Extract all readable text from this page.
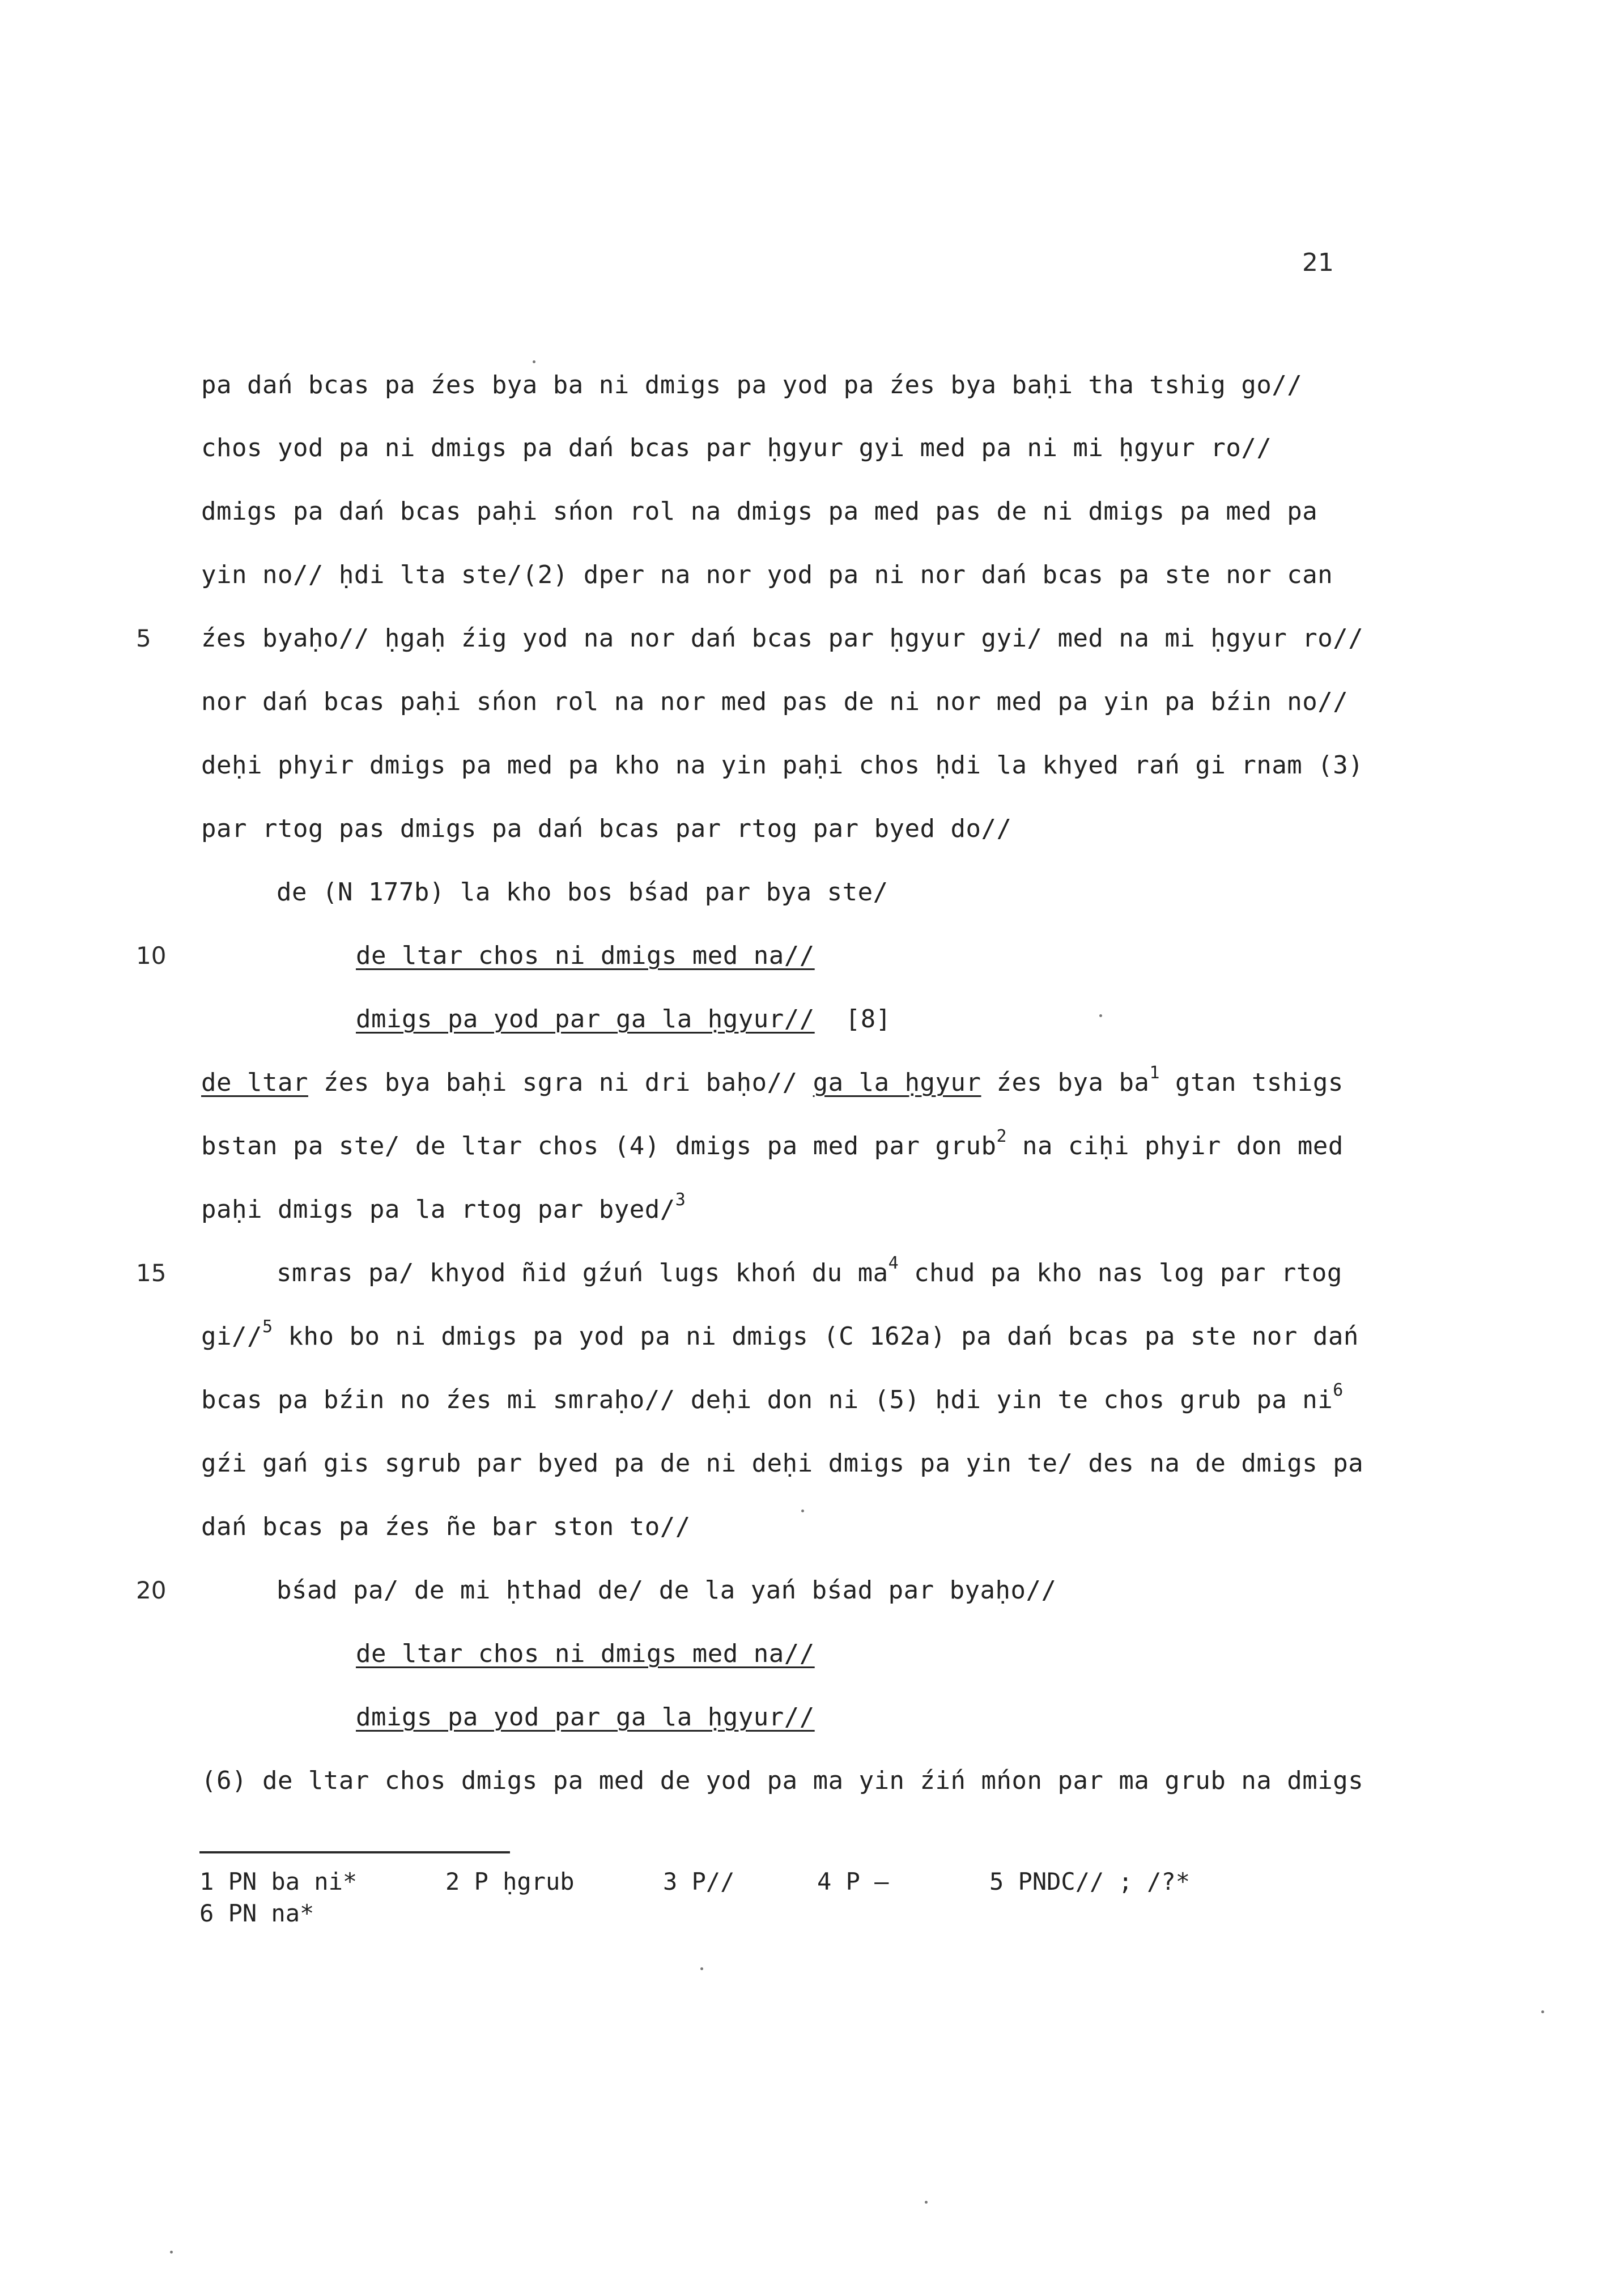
21
pa dań bcas pa źes bya ba ni dmigs pa yod pa źes bya baḥi tha tshig go//
chos yod pa ni dmigs pa dań bcas par ḥgyur gyi med pa ni mi ḥgyur ro//
dmigs pa dań bcas paḥi sńon rol na dmigs pa med pas de ni dmigs pa med pa
yin no// ḥdi lta ste/(2) dper na nor yod pa ni nor dań bcas pa ste nor can
5 źes byaḥo// ḥgaḥ źig yod na nor dań bcas par ḥgyur gyi/ med na mi ḥgyur ro//
nor dań bcas paḥi sńon rol na nor med pas de ni nor med pa yin pa bźin no//
deḥi phyir dmigs pa med pa kho na yin paḥi chos ḥdi la khyed rań gi rnam (3)
par rtog pas dmigs pa dań bcas par rtog par byed do//
de (N 177b) la kho bos bśad par bya ste/
10	de ltar chos ni dmigs med na//
dmigs pa yod par ga la ḥgyur// [8]
de ltar źes bya baḥi sgra ni dri baḥo// ga la ḥgyur źes bya $ba^1$ gtan tshigs
bstan pa ste/ de ltar chos (4) dmigs pa med par grub$^2$ na ciḥi phyir don med
paḥi dmigs pa la rtog par byed/$^3$
15	smras pa/ khyod ñid gźuń lugs khoń du $ma^4$ chud pa kho nas log par rtog
gi//$^5$ kho bo ni dmigs pa yod pa ni dmigs (C 162a) pa dań bcas pa ste nor dań
bcas pa bźin no źes mi smraḥo// deḥi don ni (5) ḥdi yin te chos grub pa $ni^6$
gźi gań gis sgrub par byed pa de ni deḥi dmigs pa yin te/ des na de dmigs pa
dań bcas pa źes ñe bar ston to//
20	bśad pa/ de mi ḥthad de/ de la yań bśad par byaḥo//
de ltar chos ni dmigs med na//
dmigs pa yod par ga la ḥgyur//
(6) de ltar chos dmigs pa med de yod pa ma yin źiń mńon par ma grub na dmigs
1 PN ba ni*	2 P ḥgrub	3 P//	4 P —	5 PNDC// ; /?*
6 PN na*
